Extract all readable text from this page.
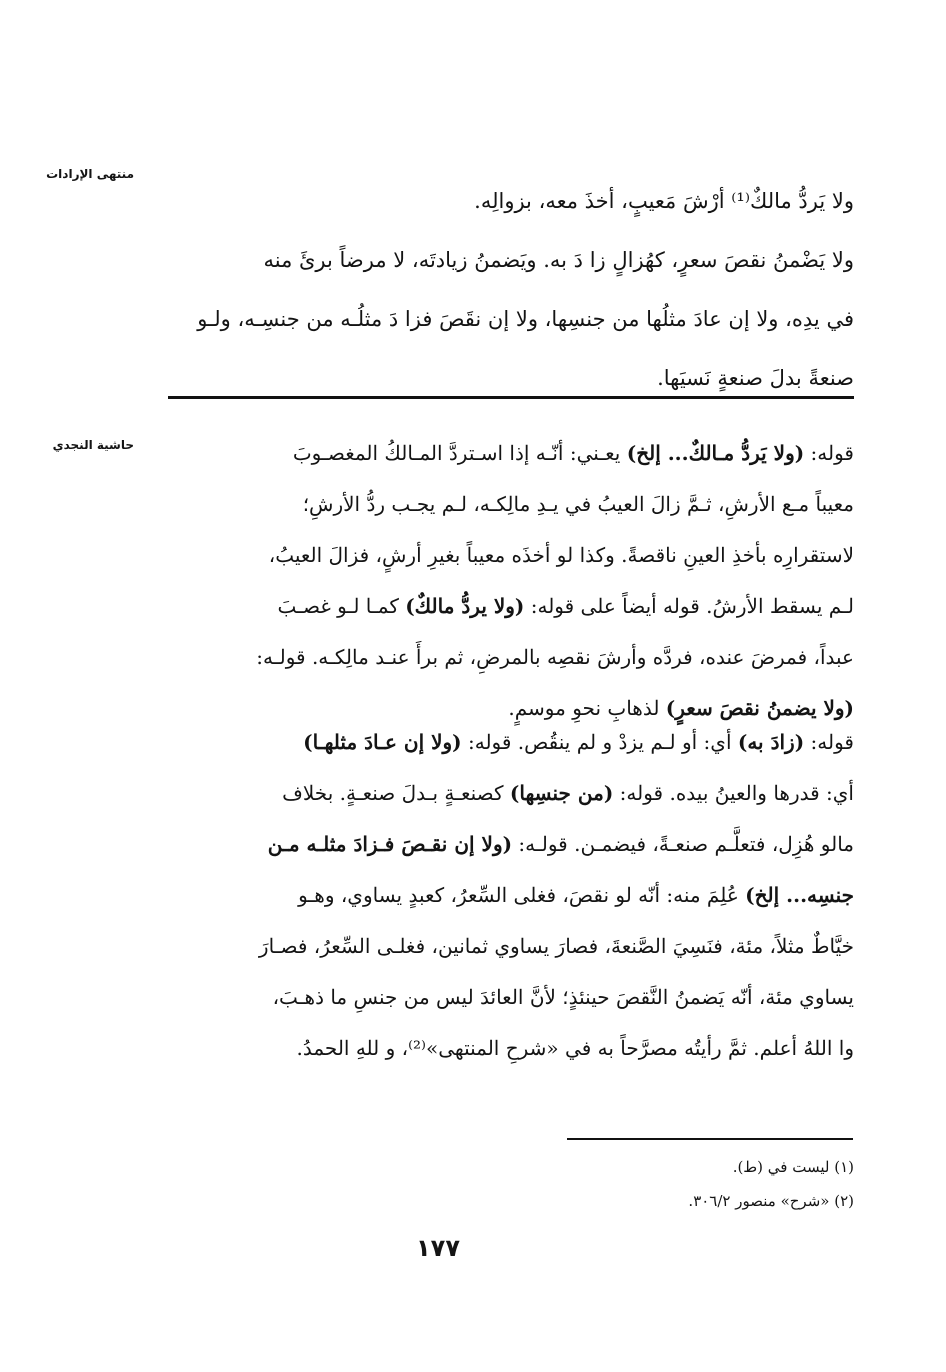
منتهى الإرادات
حاشية النجدي
ولا يَردُّ مالكٌ⁽¹⁾ أرْشَ مَعيبٍ، أخذَ معه، بزوالِه.
ولا يَضْمنُ نقصَ سعرٍ، كهُزالٍ زا دَ به. ويَضمنُ زيادتَه، لا مرضاً برئَ منه
في يدِه، ولا إن عادَ مثلُها من جنسِها، ولا إن نقَصَ فزا دَ مثلُـه من جنسِـه، ولـو
صنعةً بدلَ صنعةٍ نَسيَها.
قوله: (ولا يَردُّ مـالكٌ... إلخ) يعـني: أنّـه إذا اسـتردَّ المـالكُ المغصـوبَ
معيباً مـع الأرشِ، ثـمَّ زالَ العيبُ في يـدِ مالِكـه، لـم يجـب ردُّ الأرشِ؛
لاستقرارِه بأخذِ العينِ ناقصةً. وكذا لو أخذَه معيباً بغيرِ أرشٍ، فزالَ العيبُ،
لـم يسقط الأرشُ. قوله أيضاً على قوله: (ولا يردُّ مالكٌ) كمـا لـو غصـبَ
عبداً، فمرضَ عنده، فردَّه وأرشَ نقصِه بالمرضِ، ثم برأَ عنـد مالِكـه. قولـه:
(ولا يضمنُ نقصَ سعرٍ) لذهابِ نحوِ موسمٍ.
قوله: (زادَ به) أي: أو لـم يزدْ و لم ينقُص. قوله: (ولا إن عـادَ مثلهـا)
أي: قدرها والعينُ بيده. قوله: (من جنسِها) كصنعـةٍ بـدلَ صنعـةٍ. بخلاف
مالو هُزِل، فتعلَّـم صنعـةً، فيضمـن. قولـه: (ولا إن نقـصَ فـزادَ مثلـه مـن
جنسِه... إلخ) عُلِمَ منه: أنّه لو نقصَ، فغلى السِّعرُ، كعبدٍ يساوي، وهـو
خيَّاطٌ مثلاً، مئة، فنَسِيَ الصَّنعةَ، فصارَ يساوي ثمانين، فغلـى السِّعرُ، فصـارَ
يساوي مئة، أنّه يَضمنُ النَّقصَ حينئذٍ؛ لأنَّ العائدَ ليس من جنسِ ما ذهـبَ،
وا اللهُ أعلم. ثمَّ رأيتُه مصرَّحاً به في «شرحِ المنتهى»⁽²⁾، و للهِ الحمدُ.
(١) ليست في (ط).
(٢) «شرح» منصور ٣٠٦/٢.
١٧٧
